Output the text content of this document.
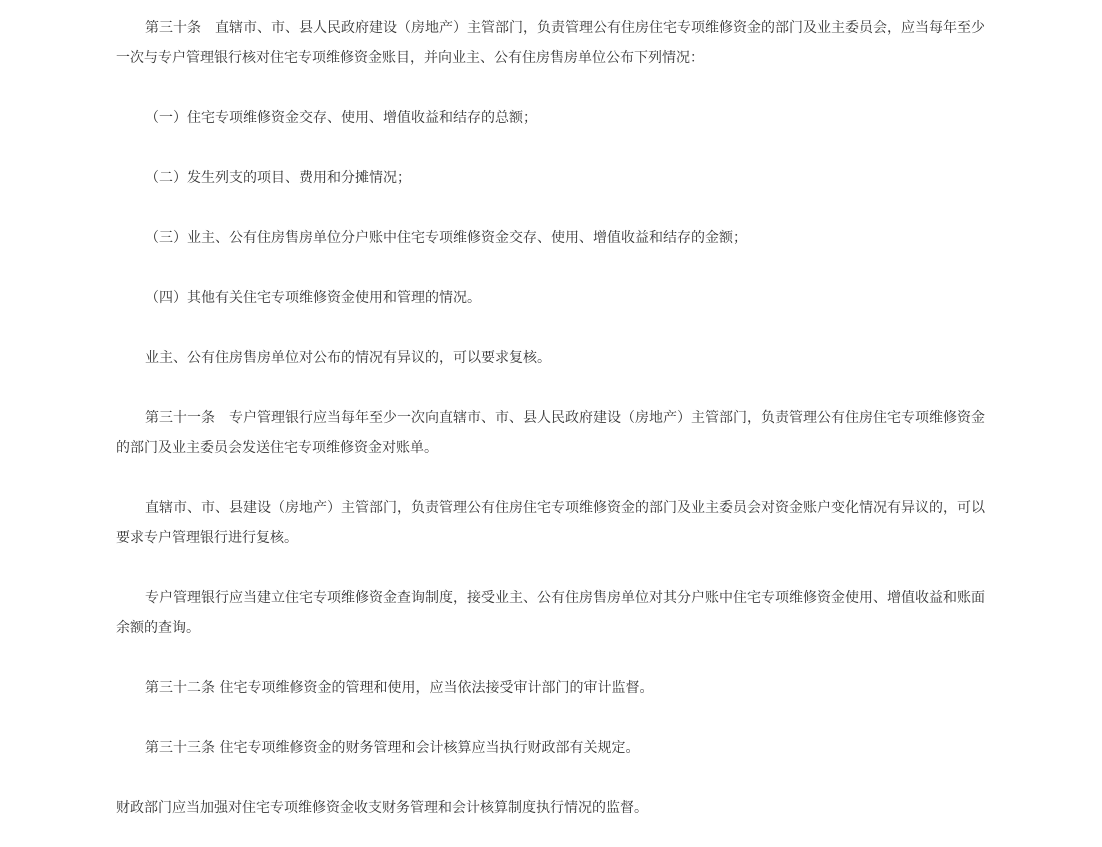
第三十条　直辖市、市、县人民政府建设（房地产）主管部门，负责管理公有住房住宅专项维修资金的部门及业主委员会，应当每年至少一次与专户管理银行核对住宅专项维修资金账目，并向业主、公有住房售房单位公布下列情况：

（一）住宅专项维修资金交存、使用、增值收益和结存的总额；

（二）发生列支的项目、费用和分摊情况；

（三）业主、公有住房售房单位分户账中住宅专项维修资金交存、使用、增值收益和结存的金额；

（四）其他有关住宅专项维修资金使用和管理的情况。

业主、公有住房售房单位对公布的情况有异议的，可以要求复核。

第三十一条　专户管理银行应当每年至少一次向直辖市、市、县人民政府建设（房地产）主管部门，负责管理公有住房住宅专项维修资金的部门及业主委员会发送住宅专项维修资金对账单。

直辖市、市、县建设（房地产）主管部门，负责管理公有住房住宅专项维修资金的部门及业主委员会对资金账户变化情况有异议的，可以要求专户管理银行进行复核。

专户管理银行应当建立住宅专项维修资金查询制度，接受业主、公有住房售房单位对其分户账中住宅专项维修资金使用、增值收益和账面余额的查询。

第三十二条 住宅专项维修资金的管理和使用，应当依法接受审计部门的审计监督。

第三十三条 住宅专项维修资金的财务管理和会计核算应当执行财政部有关规定。

财政部门应当加强对住宅专项维修资金收支财务管理和会计核算制度执行情况的监督。
